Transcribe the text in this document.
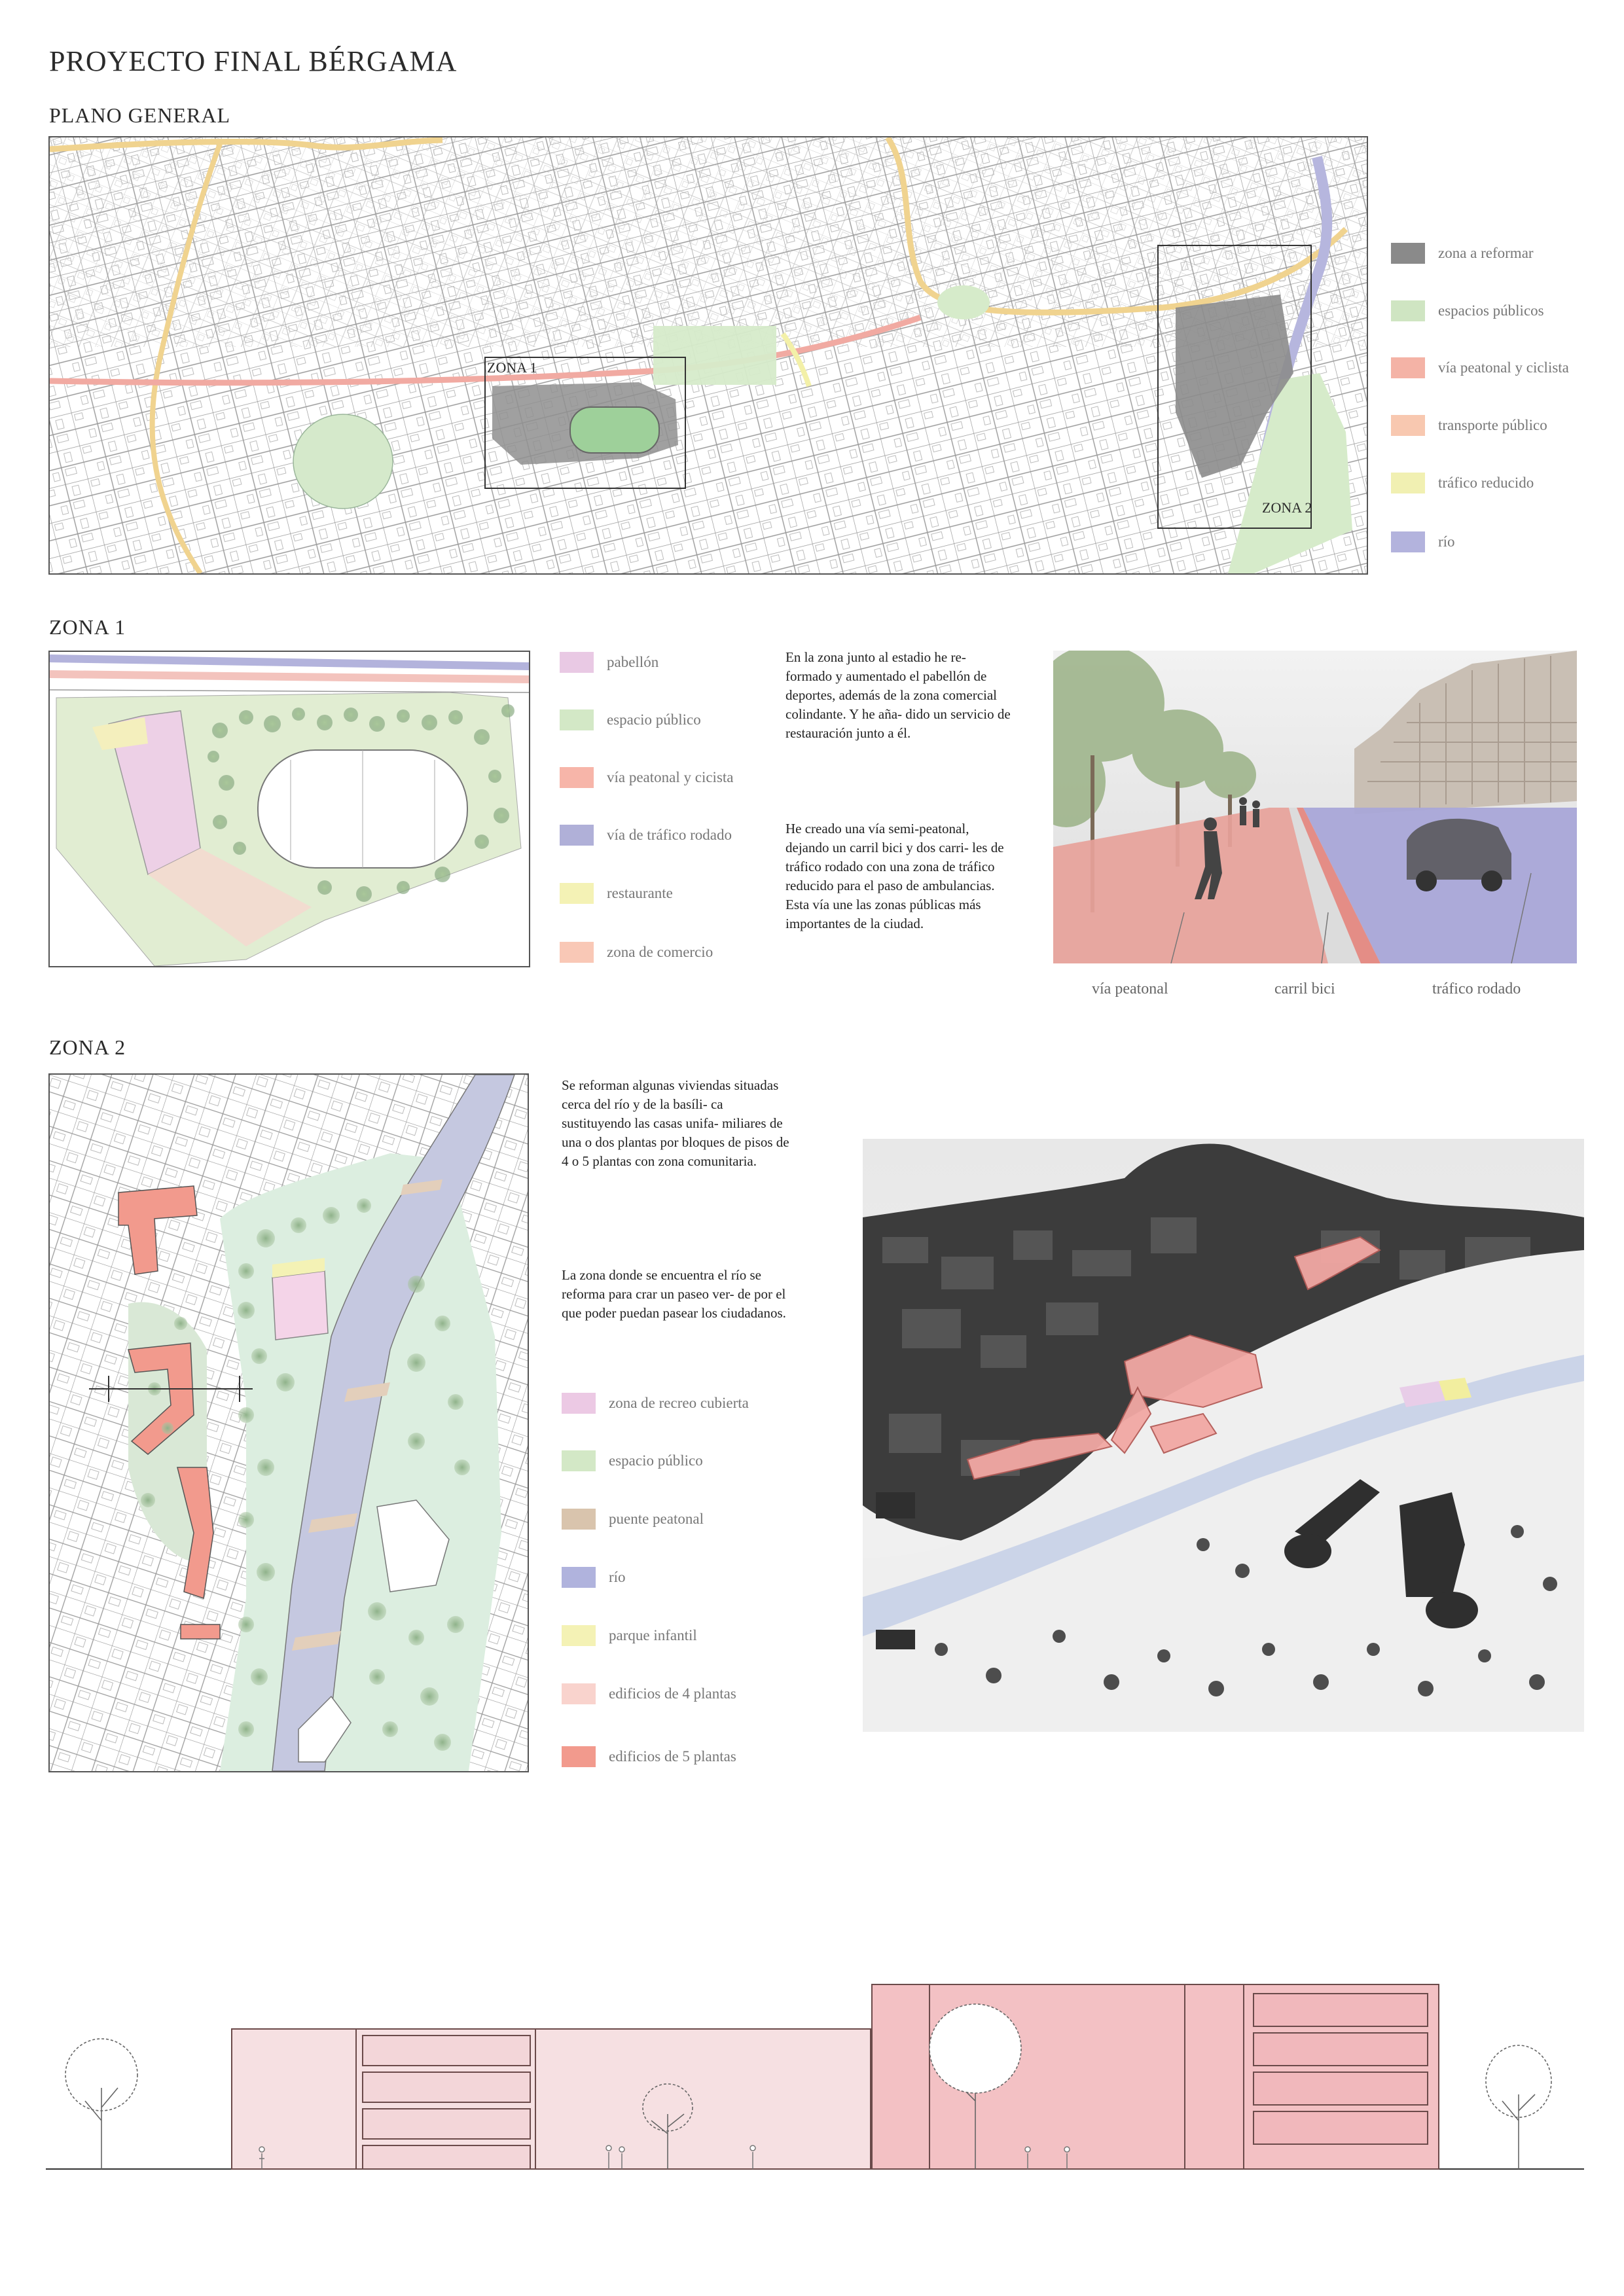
PROYECTO FINAL BÉRGAMA
PLANO GENERAL
ZONA 1
ZONA 2
zona a reformar
espacios públicos
vía peatonal y ciclista
transporte público
tráfico reducido
río
ZONA 1
pabellón
espacio público
vía peatonal y cicista
vía de tráfico rodado
restaurante
zona de comercio
En la zona junto al estadio he re- formado y aumentado el pabellón de deportes, además de la zona comercial colindante. Y he aña- dido un servicio de restauración junto a él.
He creado una vía semi-peatonal, dejando un carril bici y dos carri- les de tráfico rodado con una zona de tráfico reducido para el paso de ambulancias. Esta vía une las zonas públicas más importantes de la ciudad.
vía peatonal	carril bici	tráfico rodado
ZONA 2
Se reforman algunas viviendas situadas cerca del río y de la basíli- ca sustituyendo las casas unifa- miliares de una o dos plantas por bloques de pisos de 4 o 5 plantas con zona comunitaria.
La zona donde se encuentra el río se reforma para crar un paseo ver- de por el que poder puedan pasear los ciudadanos.
zona de recreo cubierta
espacio público
puente peatonal
río
parque infantil
edificios de 4 plantas
edificios de 5 plantas
